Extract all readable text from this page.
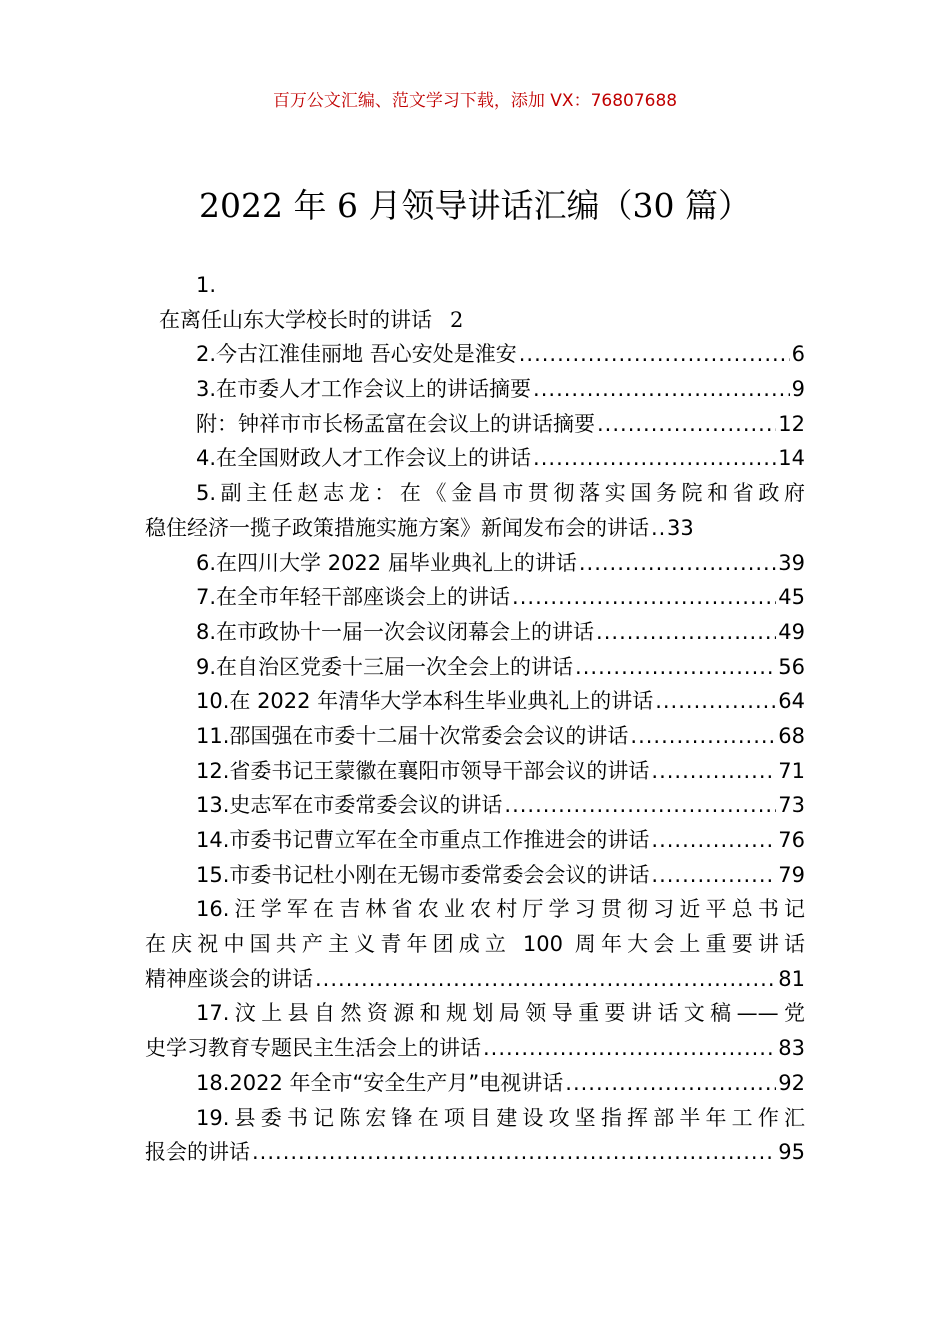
百万公文汇编、范文学习下载，添加 VX：76807688
2022 年 6 月领导讲话汇编（30 篇）
1.
在离任山东大学校长时的讲话 2
2.今古江淮佳丽地 吾心安处是淮安 .....	6
3.在市委人才工作会议上的讲话摘要 .....	9
附：钟祥市市长杨孟富在会议上的讲话摘要 .....	12
4.在全国财政人才工作会议上的讲话 .....	14
5.副主任赵志龙：在《金昌市贯彻落实国务院和省政府
稳住经济一揽子政策措施实施方案》新闻发布会的讲话 ..... 33
6.在四川大学 2022 届毕业典礼上的讲话 .....	39
7.在全市年轻干部座谈会上的讲话 .....	45
8.在市政协十一届一次会议闭幕会上的讲话 .....	49
9.在自治区党委十三届一次全会上的讲话 .....	56
10.在 2022 年清华大学本科生毕业典礼上的讲话 .....	64
11.邵国强在市委十二届十次常委会会议的讲话 .....	68
12.省委书记王蒙徽在襄阳市领导干部会议的讲话 .....	71
13.史志军在市委常委会议的讲话 .....	73
14.市委书记曹立军在全市重点工作推进会的讲话 .....	76
15.市委书记杜小刚在无锡市委常委会会议的讲话 .....	79
16.汪学军在吉林省农业农村厅学习贯彻习近平总书记
在庆祝中国共产主义青年团成立 100 周年大会上重要讲话
精神座谈会的讲话 .....	81
17.汶上县自然资源和规划局领导重要讲话文稿——党
史学习教育专题民主生活会上的讲话 .....	83
18.2022 年全市“安全生产月”电视讲话 .....	92
19.县委书记陈宏锋在项目建设攻坚指挥部半年工作汇
报会的讲话 .....	95
